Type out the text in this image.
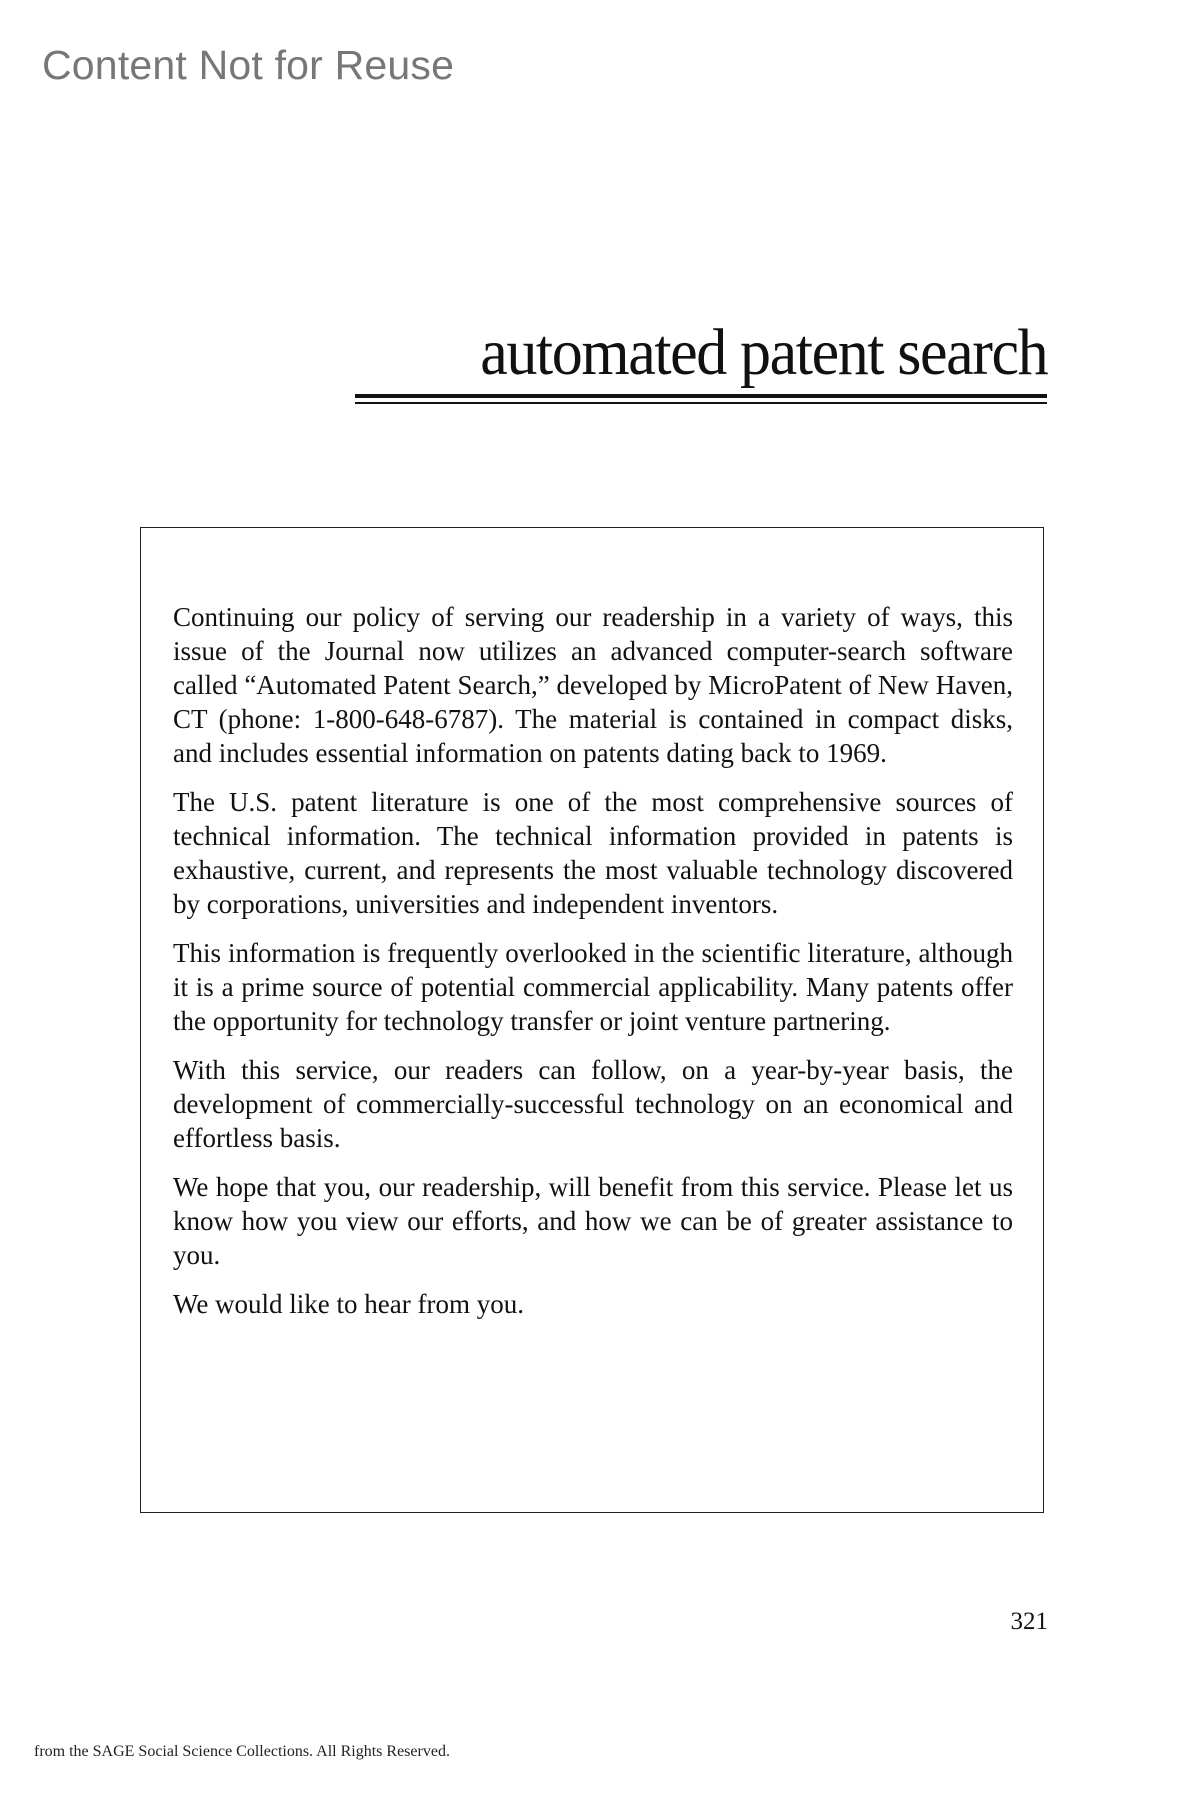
Content Not for Reuse
automated patent search

Continuing our policy of serving our readership in a variety of ways, this issue of the Journal now utilizes an advanced computer-search software called “Automated Patent Search,” developed by MicroPatent of New Haven, CT (phone: 1-800-648-6787). The material is contained in compact disks, and includes essential information on patents dating back to 1969.

The U.S. patent literature is one of the most comprehensive sources of technical information. The technical information provided in patents is exhaustive, current, and represents the most valuable technology discovered by corporations, universities and independent inventors.

This information is frequently overlooked in the scientific literature, although it is a prime source of potential commercial applicability. Many patents offer the opportunity for technology transfer or joint venture partnering.

With this service, our readers can follow, on a year-by-year basis, the development of commercially-successful technology on an economical and effortless basis.

We hope that you, our readership, will benefit from this service. Please let us know how you view our efforts, and how we can be of greater assistance to you.

We would like to hear from you.

321
from the SAGE Social Science Collections. All Rights Reserved.
